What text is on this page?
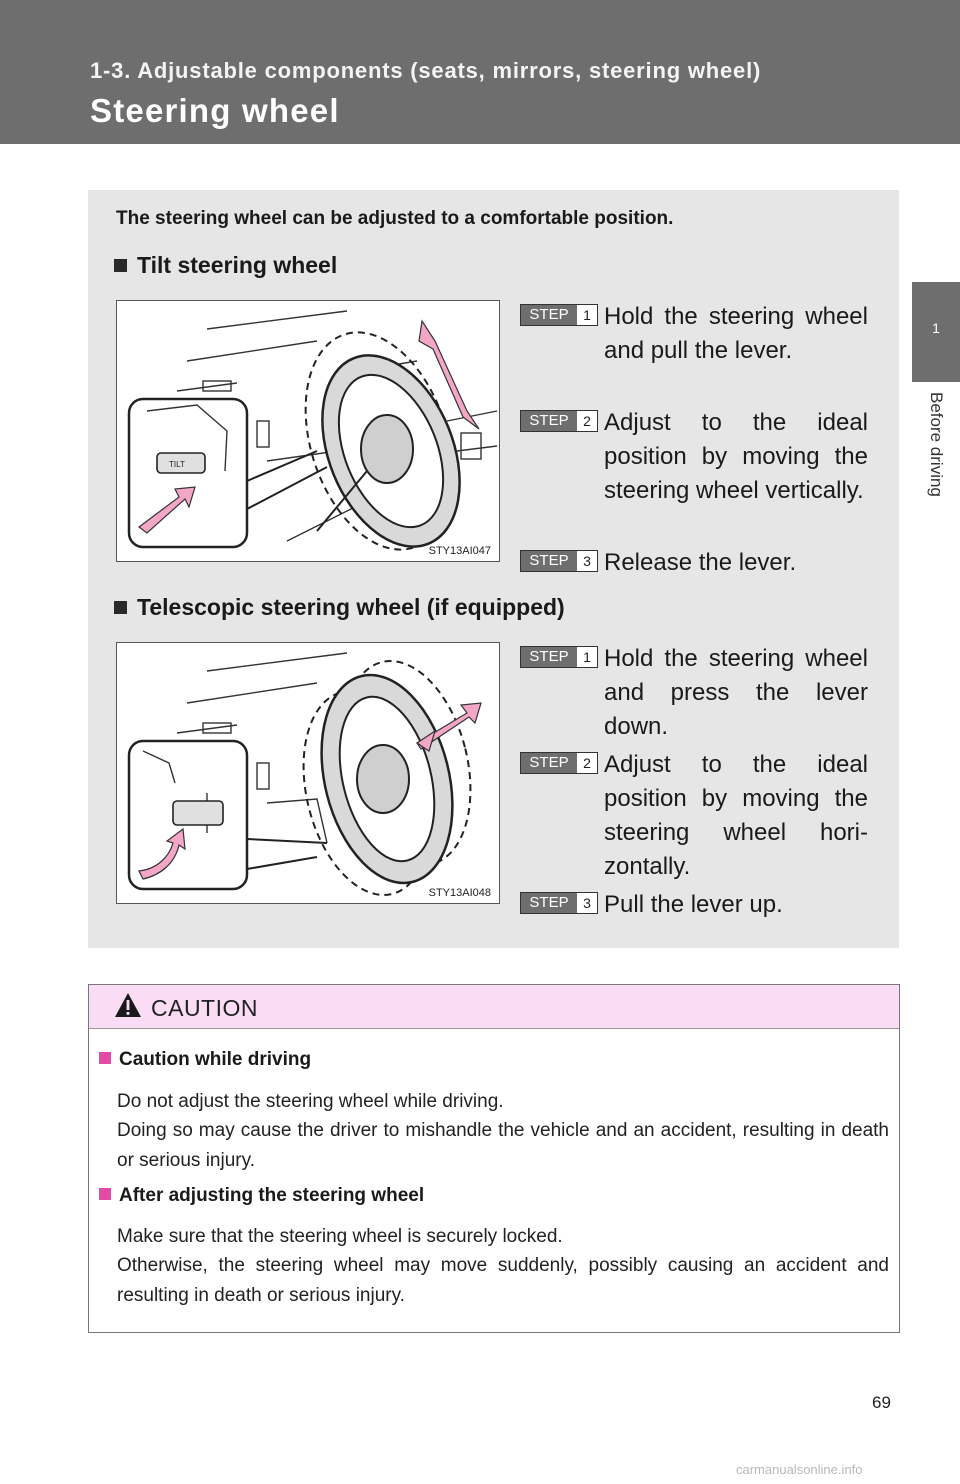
1-3. Adjustable components (seats, mirrors, steering wheel)
Steering wheel
1
Before driving
The steering wheel can be adjusted to a comfortable position.
Tilt steering wheel
TILT
STY13AI047
STEP	1 Hold the steering wheel and pull the lever.
STEP	2 Adjust to the ideal position by moving the steering wheel vertically.
STEP	3 Release the lever.
Telescopic steering wheel (if equipped)
STY13AI048
STEP	1 Hold the steering wheel and press the lever down.
STEP	2 Adjust to the ideal position by moving the steering wheel horizontally.
STEP	3 Pull the lever up.
CAUTION
Caution while driving
Do not adjust the steering wheel while driving.
Doing so may cause the driver to mishandle the vehicle and an accident, resulting in death or serious injury.
After adjusting the steering wheel
Make sure that the steering wheel is securely locked.
Otherwise, the steering wheel may move suddenly, possibly causing an accident and resulting in death or serious injury.
69
carmanualsonline.info
